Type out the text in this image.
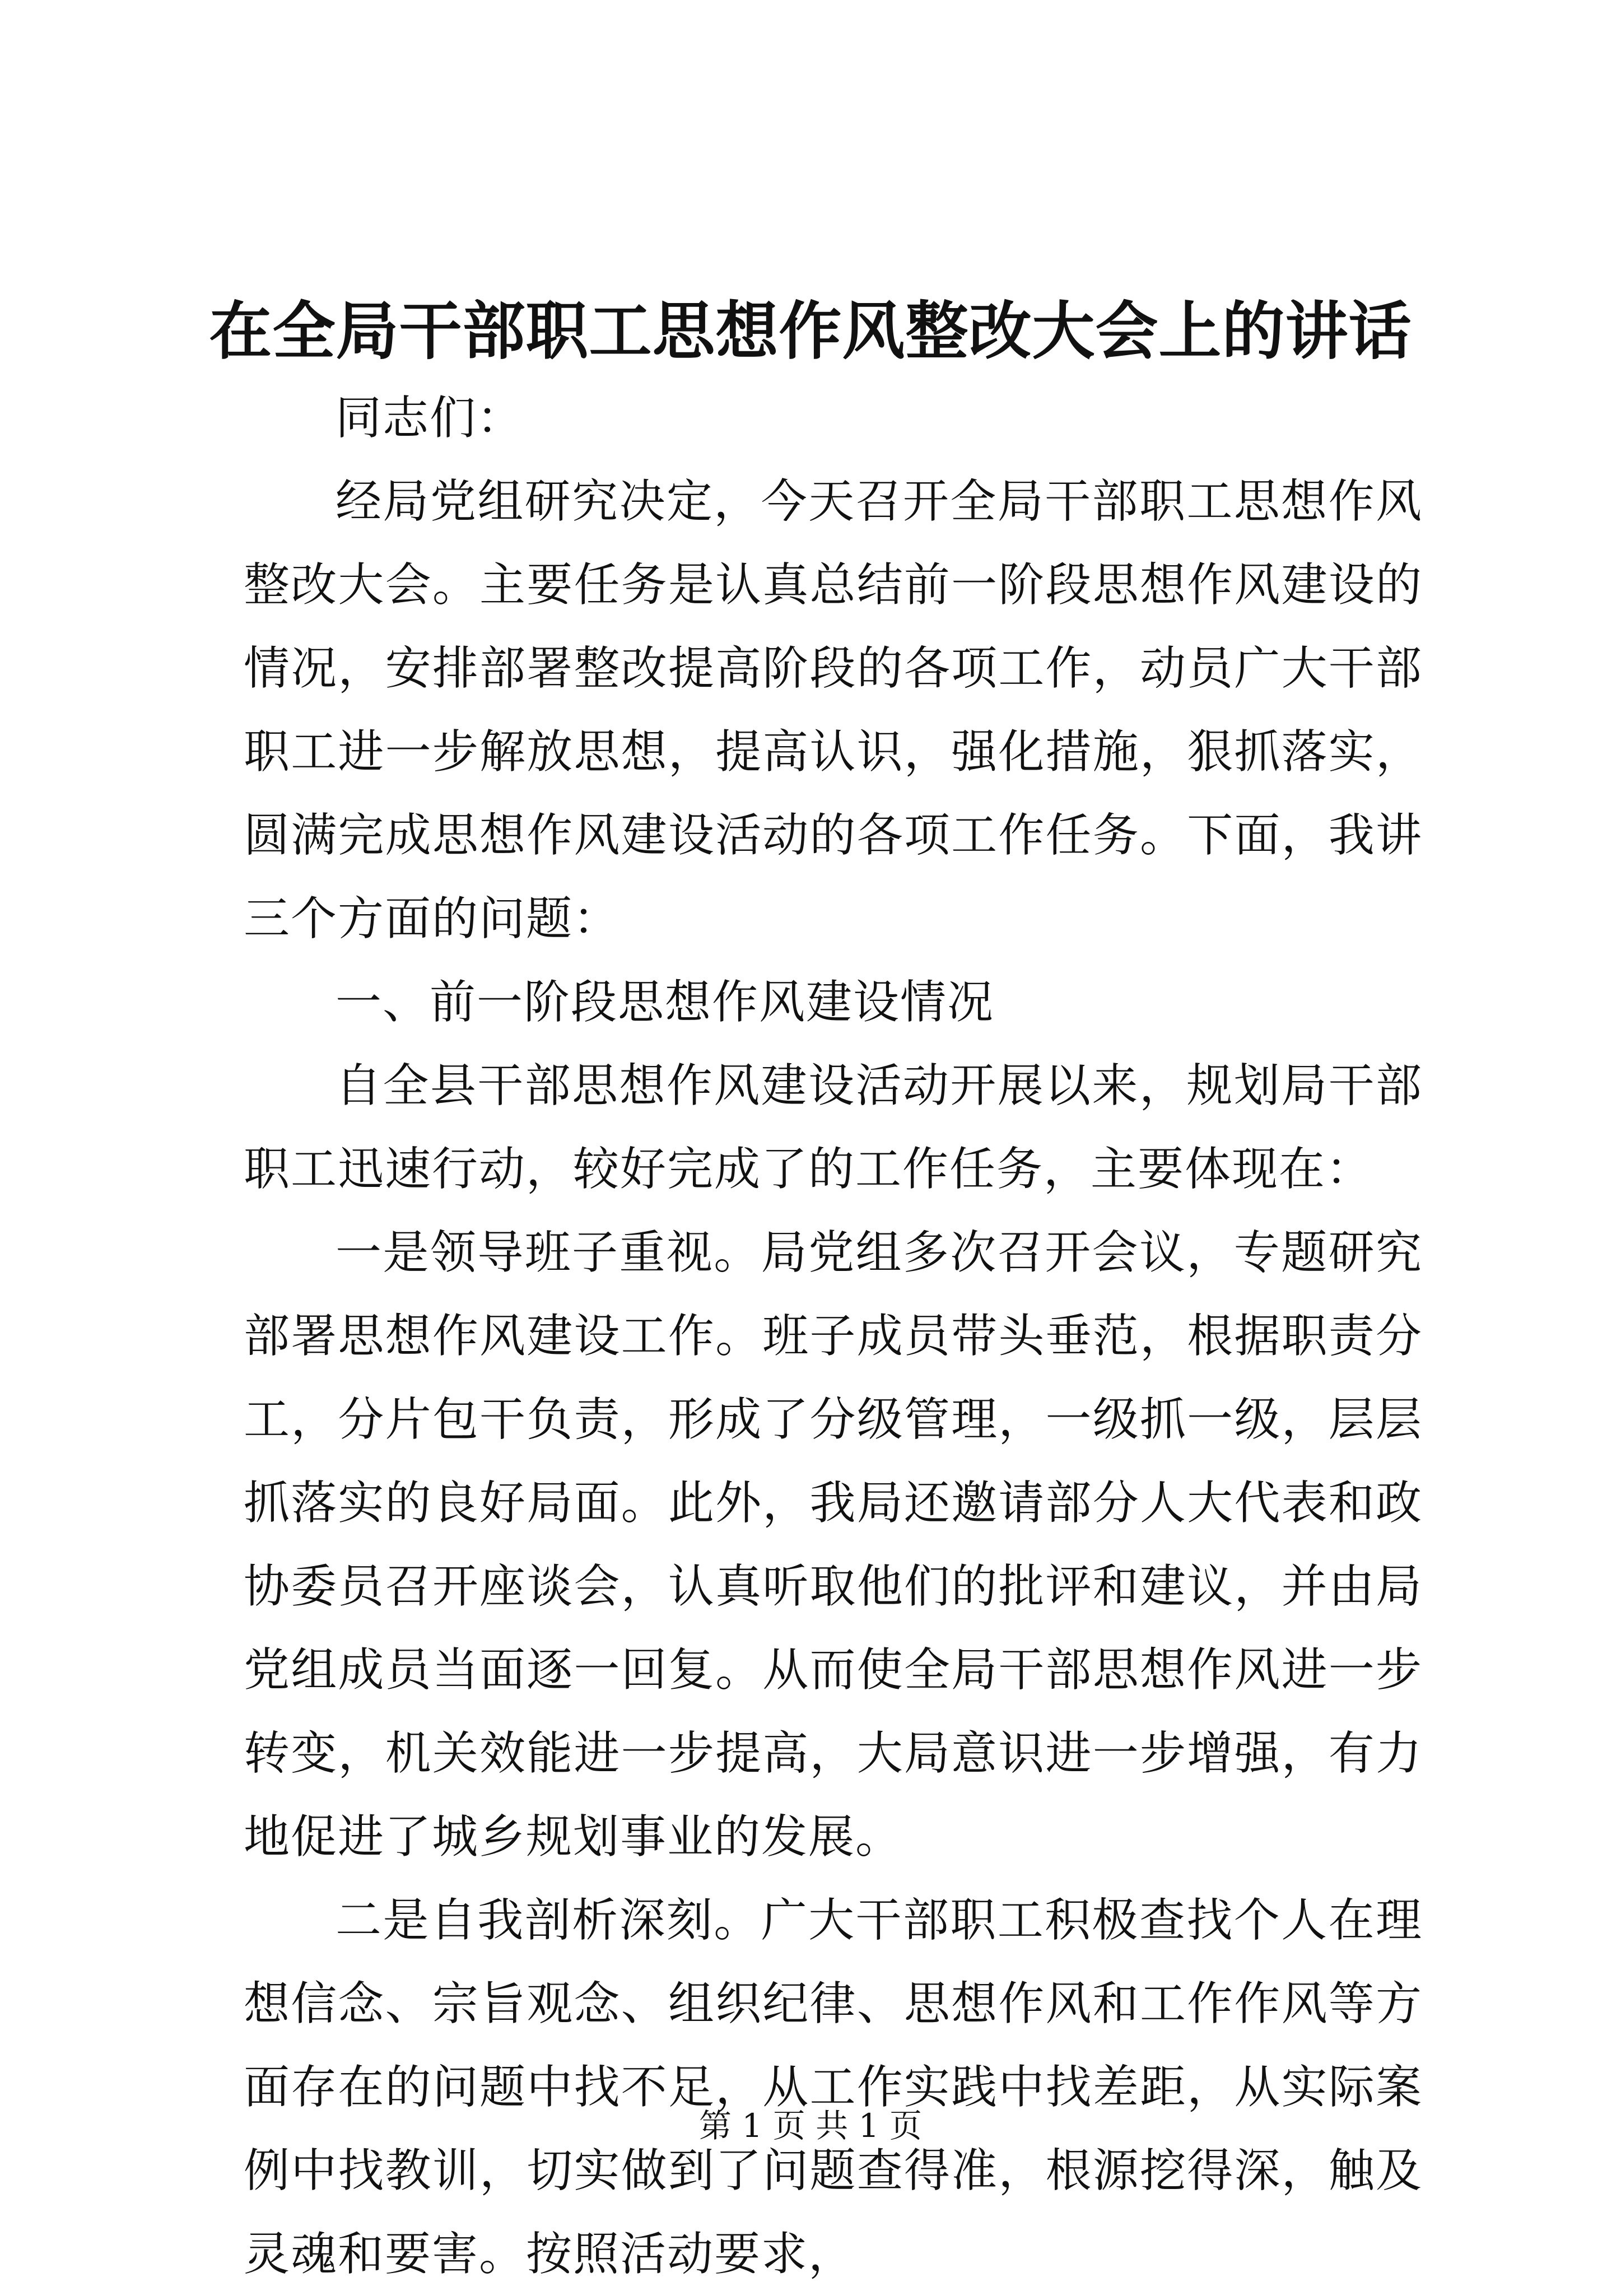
在全局干部职工思想作风整改大会上的讲话

同志们：

经局党组研究决定，今天召开全局干部职工思想作风整改大会。主要任务是认真总结前一阶段思想作风建设的情况，安排部署整改提高阶段的各项工作，动员广大干部职工进一步解放思想，提高认识，强化措施，狠抓落实，圆满完成思想作风建设活动的各项工作任务。下面，我讲三个方面的问题：

一、前一阶段思想作风建设情况

自全县干部思想作风建设活动开展以来，规划局干部职工迅速行动，较好完成了的工作任务，主要体现在：

一是领导班子重视。局党组多次召开会议，专题研究部署思想作风建设工作。班子成员带头垂范，根据职责分工，分片包干负责，形成了分级管理，一级抓一级，层层抓落实的良好局面。此外，我局还邀请部分人大代表和政协委员召开座谈会，认真听取他们的批评和建议，并由局党组成员当面逐一回复。从而使全局干部思想作风进一步转变，机关效能进一步提高，大局意识进一步增强，有力地促进了城乡规划事业的发展。

二是自我剖析深刻。广大干部职工积极查找个人在理想信念、宗旨观念、组织纪律、思想作风和工作作风等方面存在的问题中找不足，从工作实践中找差距，从实际案例中找教训，切实做到了问题查得准，根源挖得深，触及灵魂和要害。按照活动要求，

第 1 页 共 1 页
